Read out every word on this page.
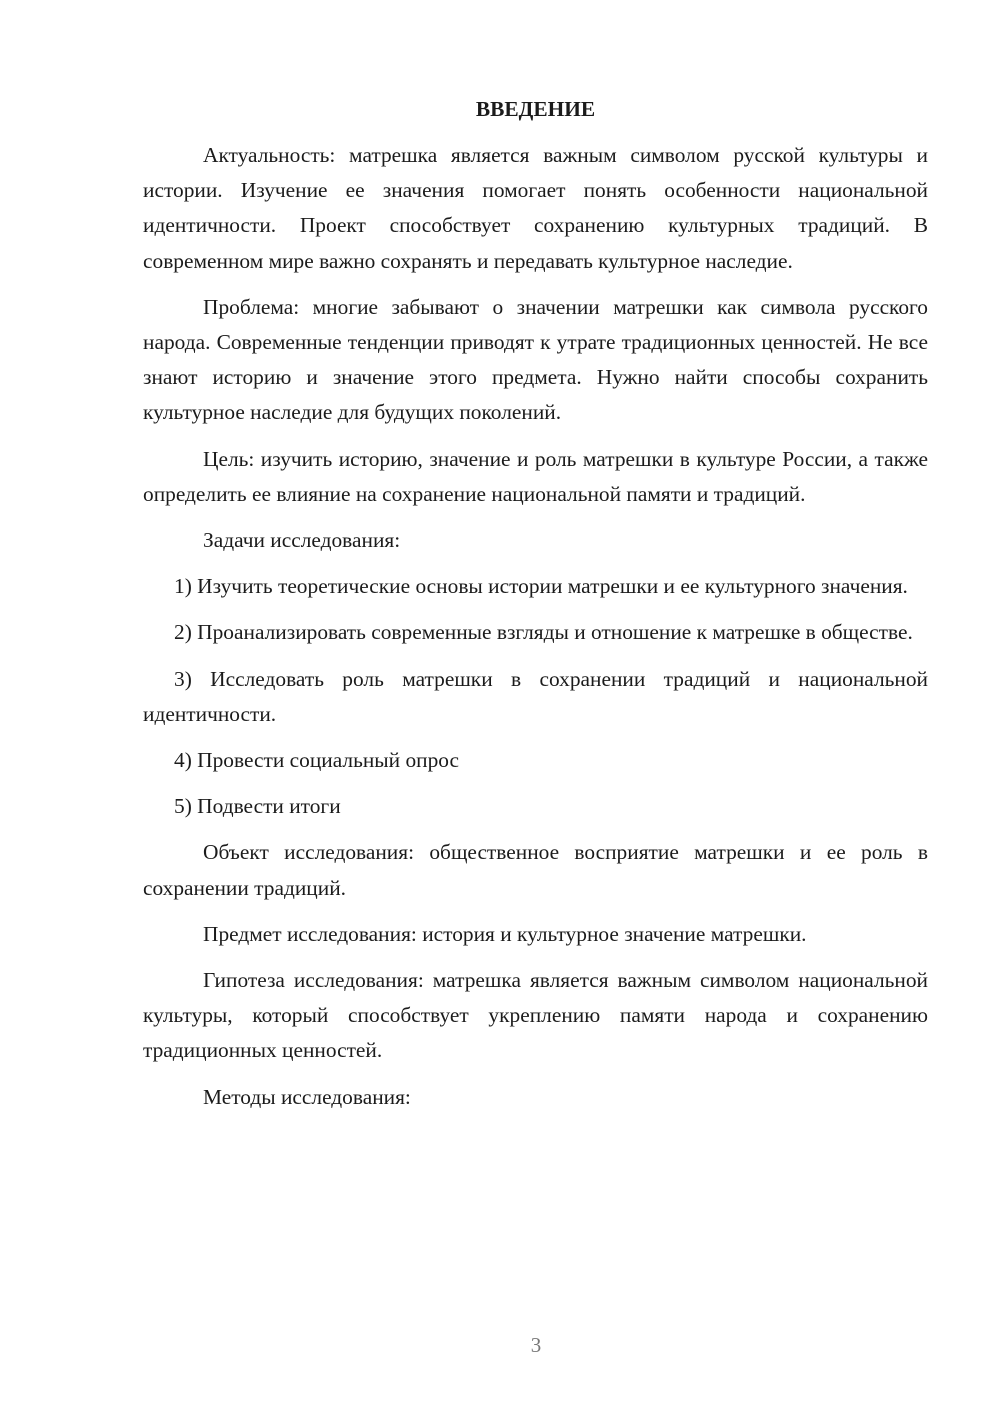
ВВЕДЕНИЕ

Актуальность: матрешка является важным символом русской культуры и истории. Изучение ее значения помогает понять особенности национальной идентичности. Проект способствует сохранению культурных традиций. В современном мире важно сохранять и передавать культурное наследие.

Проблема: многие забывают о значении матрешки как символа русского народа. Современные тенденции приводят к утрате традиционных ценностей. Не все знают историю и значение этого предмета. Нужно найти способы сохранить культурное наследие для будущих поколений.

Цель: изучить историю, значение и роль матрешки в культуре России, а также определить ее влияние на сохранение национальной памяти и традиций.

Задачи исследования:

1) Изучить теоретические основы истории матрешки и ее культурного значения.

2) Проанализировать современные взгляды и отношение к матрешке в обществе.

3) Исследовать роль матрешки в сохранении традиций и национальной идентичности.

4) Провести социальный опрос

5) Подвести итоги

Объект исследования: общественное восприятие матрешки и ее роль в сохранении традиций.

Предмет исследования: история и культурное значение матрешки.

Гипотеза исследования: матрешка является важным символом национальной культуры, который способствует укреплению памяти народа и сохранению традиционных ценностей.

Методы исследования:

3
